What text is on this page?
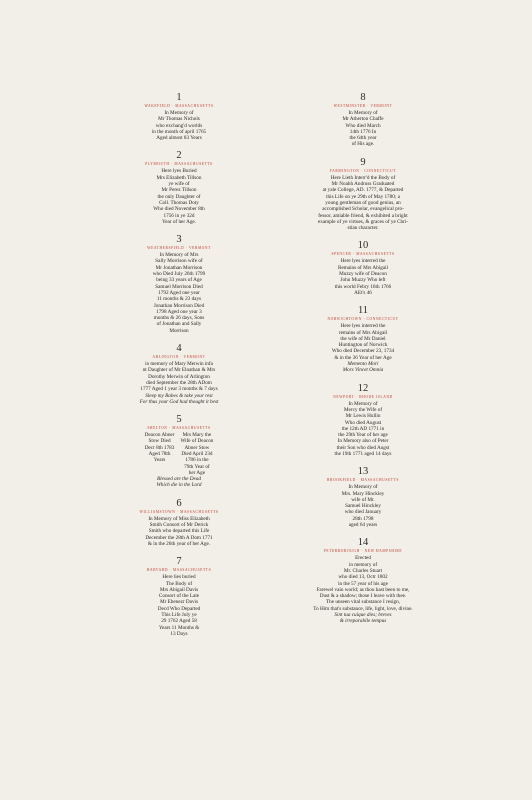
1
WAKEFIELD · MASSACHUSETTS
In Memory of
Mr Thomas Nichols
who exchang'd worlds
in the month of april 1765
Aged almost 83 Years
2
PLYMOUTH · MASSACHUSETTS
Here lyes Buried
Mrs Elizabeth Tillson
ye wife of
Mr Perez Tillson
the only Daughter of
Coll. Thomas Doty
Who died November 8th
1756 in ye 32d
Year of her Age.
3
WEATHERSFIELD · VERMONT
In Memory of Mrs
Sally Morrison wife of
Mr Jonathan Morrison
who Died July 26th 1799
being 33 years of Age
Samuel Morrison Died
1792 Aged one year
11 months & 23 days
Jonathan Morrison Died
1798 Aged one year 3
months & 26 days, Sons
of Jonathan and Sally
Morrison
4
ARLINGTON · VERMONT
in memory of Mary Merwin infa
nt Daughter of Mr Elnathan & Mrs
Dorothy Merwin of Arlington
died September the 28th ADom
1777 Aged 1 year 3 months & 7 days
Sleep my Babes & take your rest
For thus your God had thought it best
5
SHELTON · MASSACHUSETTS
Deacon Abner
Stow Died
Decr 8th 1783
Aged 78th
Years
Mrs Mary the
Wife of Deacon
Abner Stow
Died April 23d
1786 in the
79th Year of
her Age
Blessed are the Dead
Which die in the Lord
6
WILLIAMSTOWN · MASSACHUSETTS
In Memory of Miss Elizabeth
Smith Consort of Mr Derick
Smith who departed this Life
December the 28th A Dom 1771
& in the 26th year of her Age.
7
HARVARD · MASSACHUSETTS
Here lies buried
The Body of
Mrs Abigail Davis
Consort of the Late
Mr Ebenezr Davis
Decd Who Departed
This Life July ye
29 1762 Aged 58
Years 11 Months &
13 Days
8
WESTMINSTER · VERMONT
In Memory of
Mr Atherton Chaffe
Who died March
14th 1776 In
the 64th year
of His age.
9
FARMINGTON · CONNECTICUT
Here Lieth Interr'd the Body of
Mr Noahh Andruss Graduated
at yale College, AD. 1777, & Departed
this Life on ye 29th of May 1780; a
young gentleman of good genius, an
accomplished Scholar, evangelical pro-
fessor, amiable friend, & exhibited a bright
example of ye virtues, & graces of ye Chri-
stian character.
10
SPENCER · MASSACHUSETTS
Here lyes interred the
Remains of Mrs Abigail
Muzzy wife of Deacon
John Muzzy Who left
this world Febry 16th 1766
AEt's 46
11
NORWICHTOWN · CONNECTICUT
Here lyes interred the
remains of Mrs Abigail
the wife of Mr Daniel
Huntington of Norwich
Who died December 23, 1734
& in the 36 Year of her Age
Memento Mori
Mors Vincet Omnia
12
NEWPORT · RHODE ISLAND
In Memory of
Mercy the Wife of
Mr Lewis Hullin
Who died August
the 12th AD 1771 in
the 29th Year of her age
In Memory also of Peter
their Son who died Augst
the 19th 1771 aged 14 days
13
BROOKFIELD · MASSACHUSETTS
In Memory of
Mrs. Mary Hinckley
wife of Mr.
Samuel Hinckley
who died January
28th 1798
aged 64 years
14
PETERBOROUGH · NEW HAMPSHIRE
Erected
in memory of
Mr. Charles Stuart
who died 13, Octr 1802
in the 57 year of his age
Farewel vain world; as thou hast been to me,
Dust & a shadow; those I leave with thee.
The unseen vital substance I resign,
To Him that's substance, life, light, love, divine.
Sint tua cuique dies; breves
& irreparabile tempus
